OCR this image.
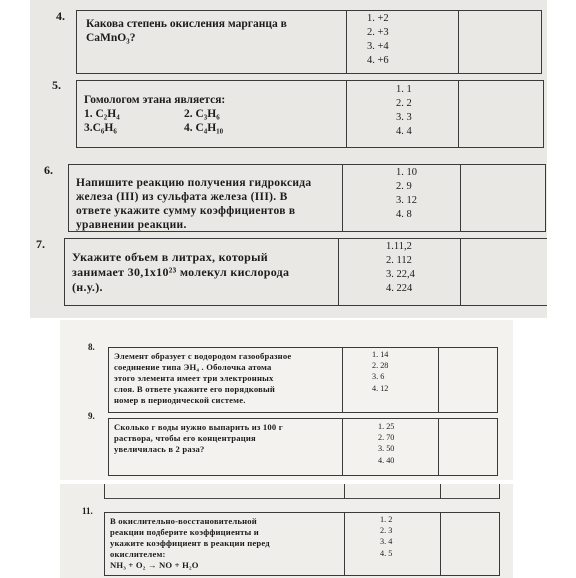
4.
Какова степень окисления марганца в
CaMnO₃?
1. +2
2. +3
3. +4
4. +6
5.
Гомологом этана является:
1. C₂H₄	2. C₃H₆
3.C₆H₆	4. C₄H₁₀
1. 1
2. 2
3. 3
4. 4
6.
Напишите реакцию получения гидроксида
железа (III) из сульфата железа (III). В
ответе укажите сумму коэффициентов в
уравнении реакции.
1. 10
2. 9
3. 12
4. 8
7.
Укажите объем в литрах, который
занимает 30,1x10²³ молекул кислорода
(н.у.).
1.11,2
2. 112
3. 22,4
4. 224
8.
Элемент образует с водородом газообразное
соединение типа ЭН₄ . Оболочка атома
этого элемента имеет три электронных
слоя. В ответе укажите его порядковый
номер в периодической системе.
1. 14
2. 28
3. 6
4. 12
9.
Сколько г воды нужно выпарить из 100 г
раствора, чтобы его концентрация
увеличилась в 2 раза?
1. 25
2. 70
3. 50
4. 40
11.
В окислительно-восстановительной
реакции подберите коэффициенты и
укажите коэффициент в реакции перед
окислителем:
NH₃ + O₂ → NO + H₂O
1. 2
2. 3
3. 4
4. 5
